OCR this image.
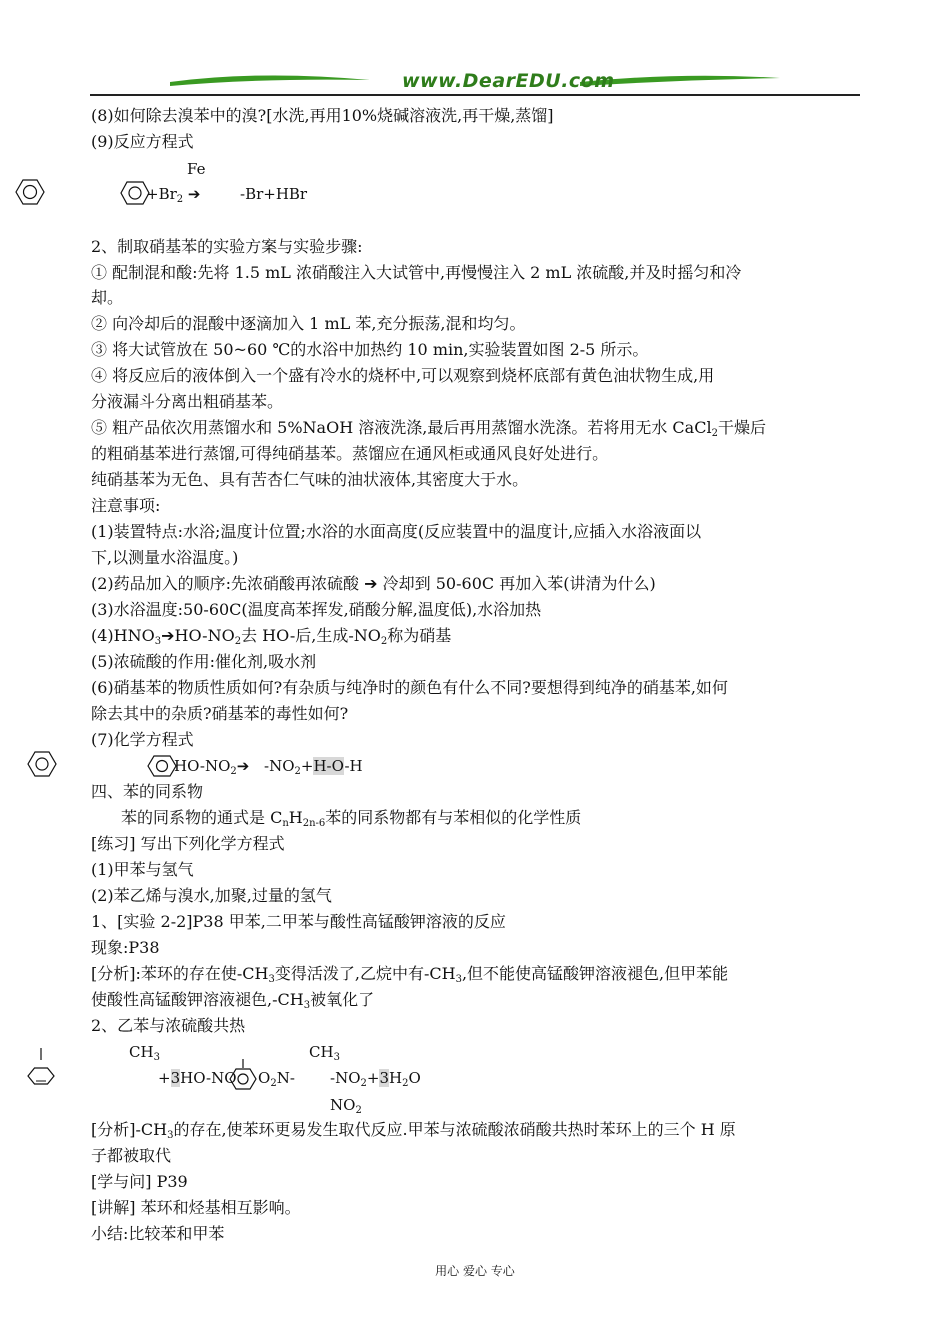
www.DearEDU.com
(8)如何除去溴苯中的溴?[水洗,再用10%烧碱溶液洗,再干燥,蒸馏]
(9)反应方程式
Fe
$+Br_2$ ➔	-Br+HBr
2、制取硝基苯的实验方案与实验步骤:
① 配制混和酸:先将 1.5 mL 浓硝酸注入大试管中,再慢慢注入 2 mL 浓硫酸,并及时摇匀和冷
却。
② 向冷却后的混酸中逐滴加入 1 mL 苯,充分振荡,混和均匀。
③ 将大试管放在 50~60 ℃的水浴中加热约 10 min,实验装置如图 2-5 所示。
④ 将反应后的液体倒入一个盛有冷水的烧杯中,可以观察到烧杯底部有黄色油状物生成,用
分液漏斗分离出粗硝基苯。
⑤ 粗产品依次用蒸馏水和 5%NaOH 溶液洗涤,最后再用蒸馏水洗涤。若将用无水 CaCl$_2$干燥后
的粗硝基苯进行蒸馏,可得纯硝基苯。蒸馏应在通风柜或通风良好处进行。
纯硝基苯为无色、具有苦杏仁气味的油状液体,其密度大于水。
注意事项:
(1)装置特点:水浴;温度计位置;水浴的水面高度(反应装置中的温度计,应插入水浴液面以
下,以测量水浴温度。)
(2)药品加入的顺序:先浓硝酸再浓硫酸 ➔ 冷却到 50-60C 再加入苯(讲清为什么)
(3)水浴温度:50-60C(温度高苯挥发,硝酸分解,温度低),水浴加热
$(4)HNO_3➔HO-NO_2$去 HO-后,生成$-NO_2$称为硝基
(5)浓硫酸的作用:催化剂,吸水剂
(6)硝基苯的物质性质如何?有杂质与纯净时的颜色有什么不同?要想得到纯净的硝基苯,如何
除去其中的杂质?硝基苯的毒性如何?
(7)化学方程式
$HO-NO_2➔$ $-NO_2+H-O-H$
四、苯的同系物
苯的同系物的通式是 $C_nH_{2n-6}$苯的同系物都有与苯相似的化学性质
[练习] 写出下列化学方程式
(1)甲苯与氢气
(2)苯乙烯与溴水,加聚,过量的氢气
1、[实验 2-2]P38 甲苯,二甲苯与酸性高锰酸钾溶液的反应
现象:P38
[分析]:苯环的存在使$-CH_3$变得活泼了,乙烷中有$-CH_3$,但不能使高锰酸钾溶液褪色,但甲苯能
使酸性高锰酸钾溶液褪色$,-CH_3$被氧化了
2、乙苯与浓硫酸共热
$CH_3$	$CH_3$
+3HO-NO $O_2N-$ $-NO_2+3H_2O$
$NO_2$
[分析]$-CH_3$的存在,使苯环更易发生取代反应.甲苯与浓硫酸浓硝酸共热时苯环上的三个 H 原
子都被取代
[学与问] P39
[讲解] 苯环和烃基相互影响。
小结:比较苯和甲苯
用心 爱心 专心
